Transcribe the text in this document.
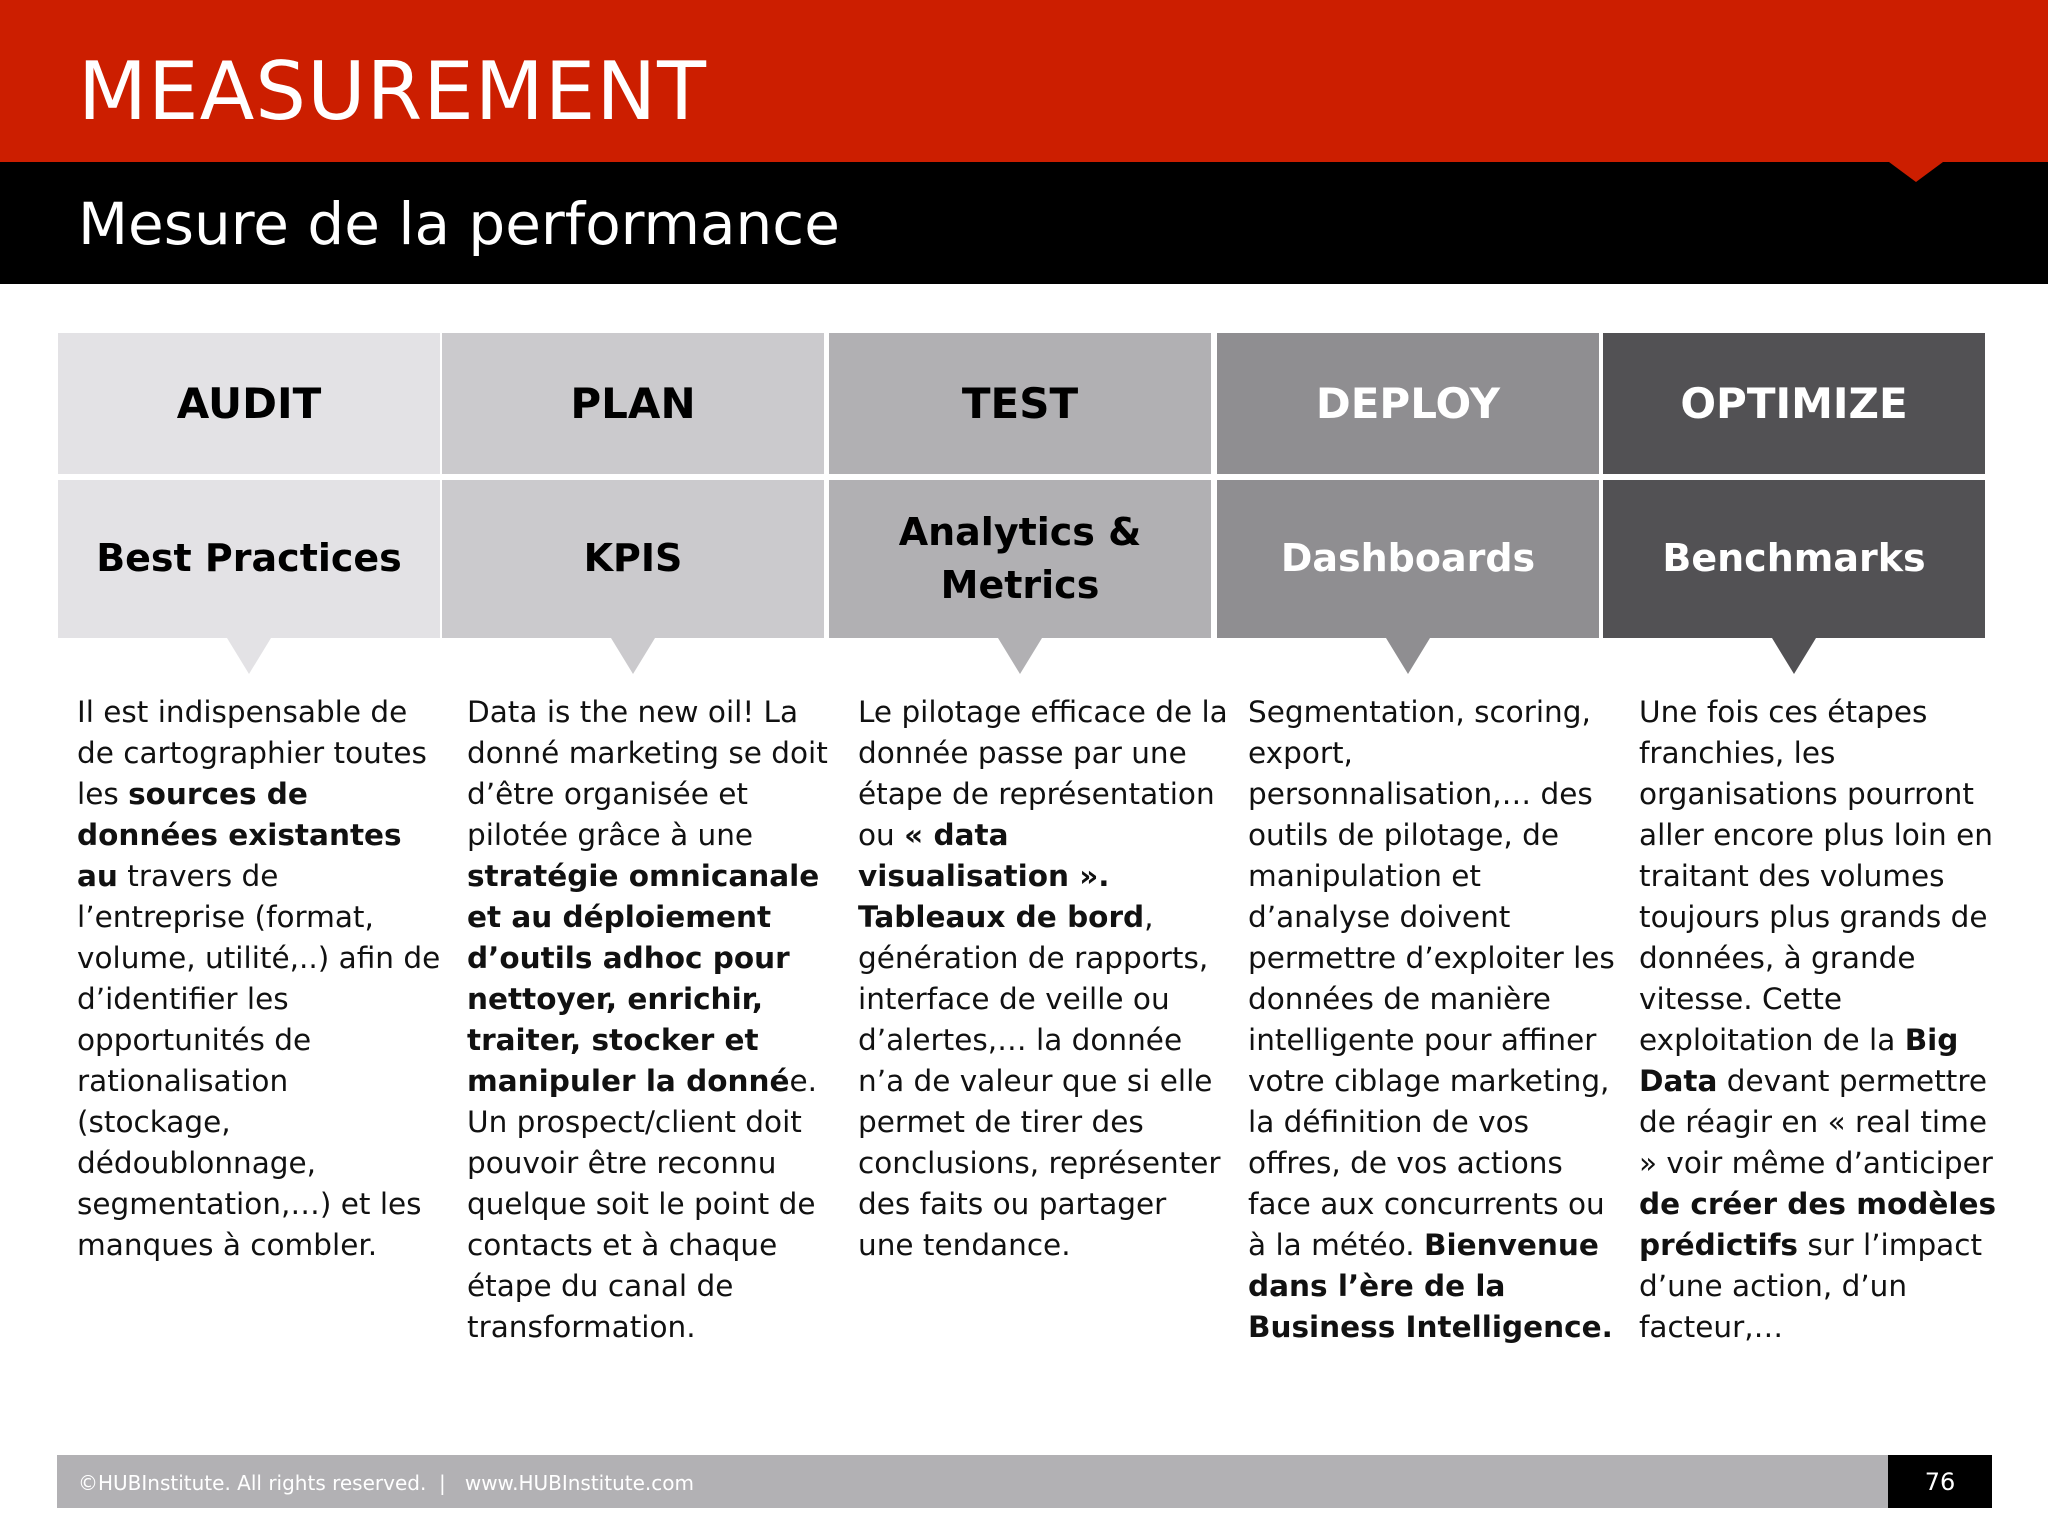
MEASUREMENT
Mesure de la performance
AUDIT
Best Practices
Il est indispensable de de cartographier toutes les sources de données existantes au travers de l’entreprise (format, volume, utilité,..) afin de d’identifier les opportunités de rationalisation (stockage, dédoublonnage, segmentation,…) et les manques à combler.
PLAN
KPIS
Data is the new oil! La donné marketing se doit d’être organisée et pilotée grâce à une stratégie omnicanale et au déploiement d’outils adhoc pour nettoyer, enrichir, traiter, stocker et manipuler la donnée. Un prospect/client doit pouvoir être reconnu quelque soit le point de contacts et à chaque étape du canal de transformation.
TEST
Analytics & Metrics
Le pilotage efficace de la donnée passe par une étape de représentation ou « data visualisation ». Tableaux de bord, génération de rapports, interface de veille ou d’alertes,… la donnée n’a de valeur que si elle permet de tirer des conclusions, représenter des faits ou partager une tendance.
DEPLOY
Dashboards
Segmentation, scoring, export, personnalisation,… des outils de pilotage, de manipulation et d’analyse doivent permettre d’exploiter les données de manière intelligente pour affiner votre ciblage marketing, la définition de vos offres, de vos actions face aux concurrents ou à la météo. Bienvenue dans l’ère de la Business Intelligence.
OPTIMIZE
Benchmarks
Une fois ces étapes franchies, les organisations pourront aller encore plus loin en traitant des volumes toujours plus grands de données, à grande vitesse. Cette exploitation de la Big Data devant permettre de réagir en « real time » voir même d’anticiper de créer des modèles prédictifs sur l’impact d’une action, d’un facteur,…
©HUBInstitute. All rights reserved.  |   www.HUBInstitute.com	76
